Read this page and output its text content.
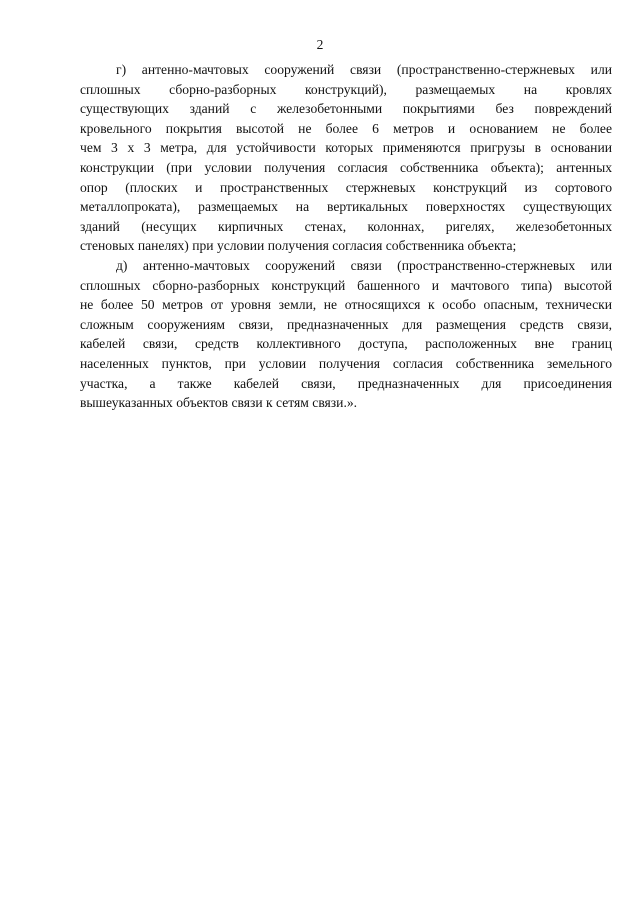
2
г) антенно-мачтовых сооружений связи (пространственно-стержневых или
сплошных сборно-разборных конструкций), размещаемых на кровлях
существующих зданий с железобетонными покрытиями без повреждений
кровельного покрытия высотой не более 6 метров и основанием не более
чем 3 х 3 метра, для устойчивости которых применяются пригрузы в основании
конструкции (при условии получения согласия собственника объекта); антенных
опор (плоских и пространственных стержневых конструкций из сортового
металлопроката), размещаемых на вертикальных поверхностях существующих
зданий (несущих кирпичных стенах, колоннах, ригелях, железобетонных
стеновых панелях) при условии получения согласия собственника объекта;
д) антенно-мачтовых сооружений связи (пространственно-стержневых или
сплошных сборно-разборных конструкций башенного и мачтового типа) высотой
не более 50 метров от уровня земли, не относящихся к особо опасным, технически
сложным сооружениям связи, предназначенных для размещения средств связи,
кабелей связи, средств коллективного доступа, расположенных вне границ
населенных пунктов, при условии получения согласия собственника земельного
участка, а также кабелей связи, предназначенных для присоединения
вышеуказанных объектов связи к сетям связи.».
